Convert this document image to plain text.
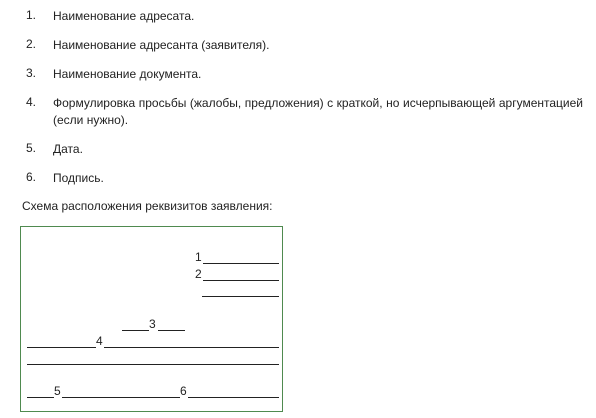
1.	Наименование адресата.
2.	Наименование адресанта (заявителя).
3.	Наименование документа.
4.	Формулировка просьбы (жалобы, предложения) с краткой, но исчерпывающей аргументацией (если нужно).
5.	Дата.
6.	Подпись.
Схема расположения реквизитов заявления:
1
2
3
4
5	6
